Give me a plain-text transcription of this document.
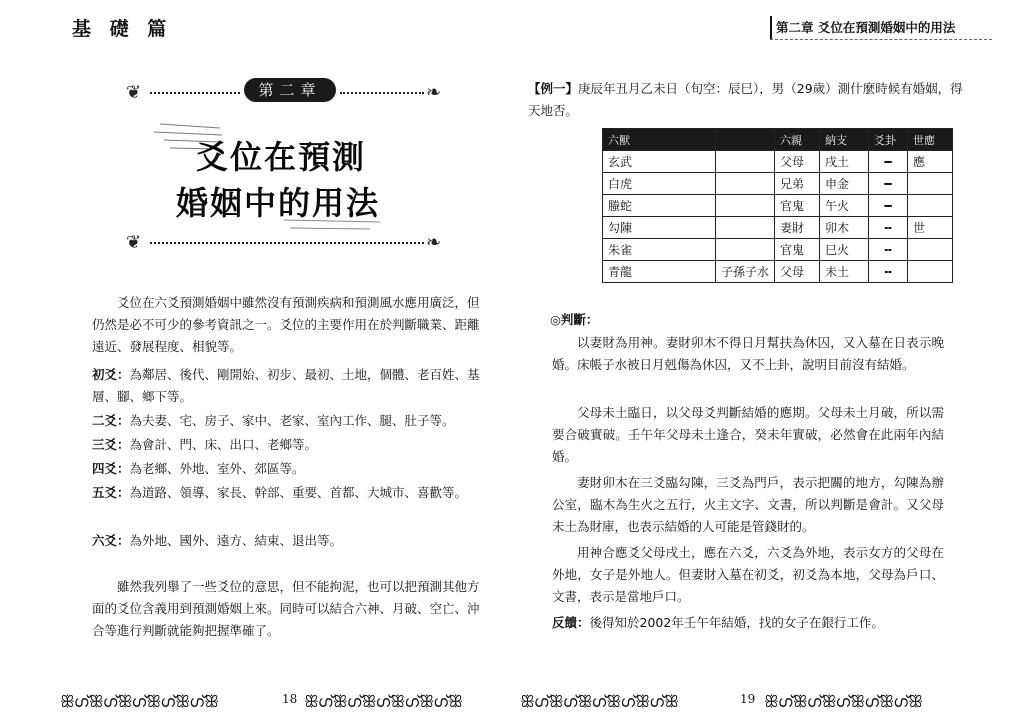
基 礎 篇
❦	第二章	❧
爻位在預測
婚姻中的用法
❦	❧
爻位在六爻預測婚姻中雖然沒有預測疾病和預測風水應用廣泛，但仍然是必不可少的參考資訊之一。爻位的主要作用在於判斷職業、距離遠近、發展程度、相貌等。
初爻：為鄰居、後代、剛開始、初步、最初、土地，個體、老百姓、基層、腳、鄉下等。
二爻：為夫妻、宅、房子、家中、老家、室內工作、腿、肚子等。
三爻：為會計、門、床、出口、老鄉等。
四爻：為老鄉、外地、室外、郊區等。
五爻：為道路、領導、家長、幹部、重要、首都、大城市、喜歡等。
六爻：為外地、國外、遠方、結束、退出等。
雖然我列舉了一些爻位的意思，但不能拘泥，也可以把預測其他方面的爻位含義用到預測婚姻上來。同時可以結合六神、月破、空亡、沖合等進行判斷就能夠把握準確了。
ꕥഗ്ꕥഗ്ꕥഗ്ꕥഗ്ꕥഗ്ꕥ	18 ꕥഗ്ꕥഗ്ꕥഗ്ꕥഗ്ꕥഗ്ꕥ
第二章 爻位在預測婚姻中的用法
【例一】庚辰年丑月乙未日（旬空：辰巳），男（29歲）測什麼時候有婚姻，得天地否。
六獸		六親	納支	爻卦	世應
玄武		父母	戌土	━	應
白虎		兄弟	申金	━	
螣蛇		官鬼	午火	━	
勾陳		妻財	卯木	╍	世
朱雀		官鬼	巳火	╍	
青龍	子孫子水	父母	未土	╍	
◎判斷：
以妻財為用神。妻財卯木不得日月幫扶為休囚，又入墓在日表示晚婚。床帳子水被日月剋傷為休囚，又不上卦，說明目前沒有結婚。
父母未土臨日，以父母爻判斷結婚的應期。父母未土月破，所以需要合破實破。壬午年父母未土逢合，癸未年實破，必然會在此兩年內結婚。
妻財卯木在三爻臨勾陳，三爻為門戶，表示把關的地方，勾陳為辦公室，臨木為生火之五行，火主文字、文書，所以判斷是會計。又父母未土為財庫，也表示結婚的人可能是管錢財的。
用神合應爻父母戌土，應在六爻，六爻為外地，表示女方的父母在外地，女子是外地人。但妻財入墓在初爻，初爻為本地，父母為戶口、文書，表示是當地戶口。
反饋：後得知於2002年壬午年結婚，找的女子在銀行工作。
ꕥഗ്ꕥഗ്ꕥഗ്ꕥഗ്ꕥഗ്ꕥ	19 ꕥഗ്ꕥഗ്ꕥഗ്ꕥഗ്ꕥഗ്ꕥ
